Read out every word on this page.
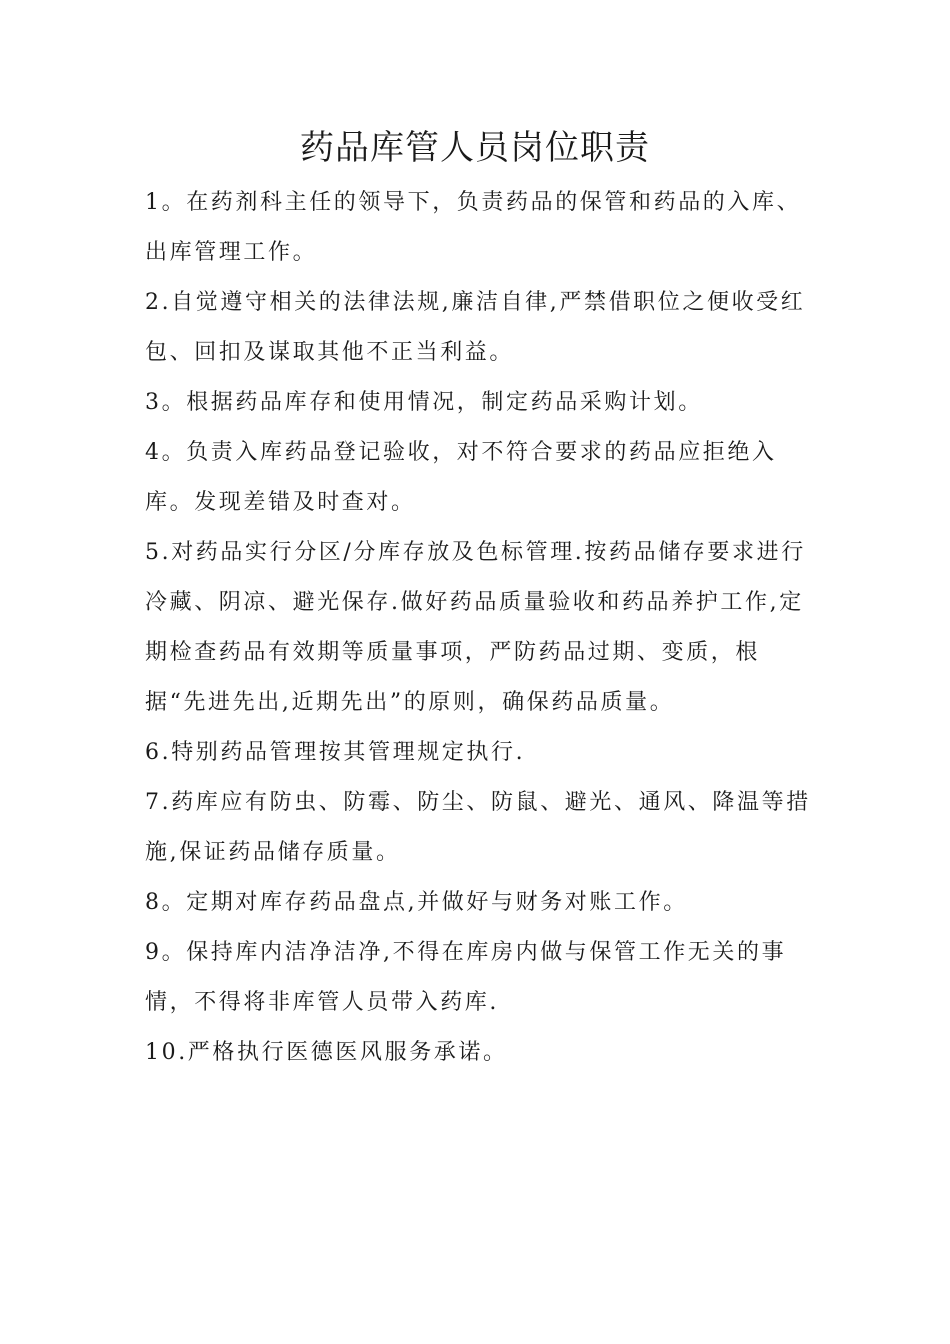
药品库管人员岗位职责

1。在药剂科主任的领导下，负责药品的保管和药品的入库、出库管理工作。

2.自觉遵守相关的法律法规,廉洁自律,严禁借职位之便收受红包、回扣及谋取其他不正当利益。

3。根据药品库存和使用情况，制定药品采购计划。

4。负责入库药品登记验收，对不符合要求的药品应拒绝入库。发现差错及时查对。

5.对药品实行分区/分库存放及色标管理.按药品储存要求进行冷藏、阴凉、避光保存.做好药品质量验收和药品养护工作,定期检查药品有效期等质量事项，严防药品过期、变质，根据“先进先出,近期先出”的原则，确保药品质量。

6.特别药品管理按其管理规定执行.

7.药库应有防虫、防霉、防尘、防鼠、避光、通风、降温等措施,保证药品储存质量。

8。定期对库存药品盘点,并做好与财务对账工作。

9。保持库内洁净洁净,不得在库房内做与保管工作无关的事情，不得将非库管人员带入药库.

10.严格执行医德医风服务承诺。
